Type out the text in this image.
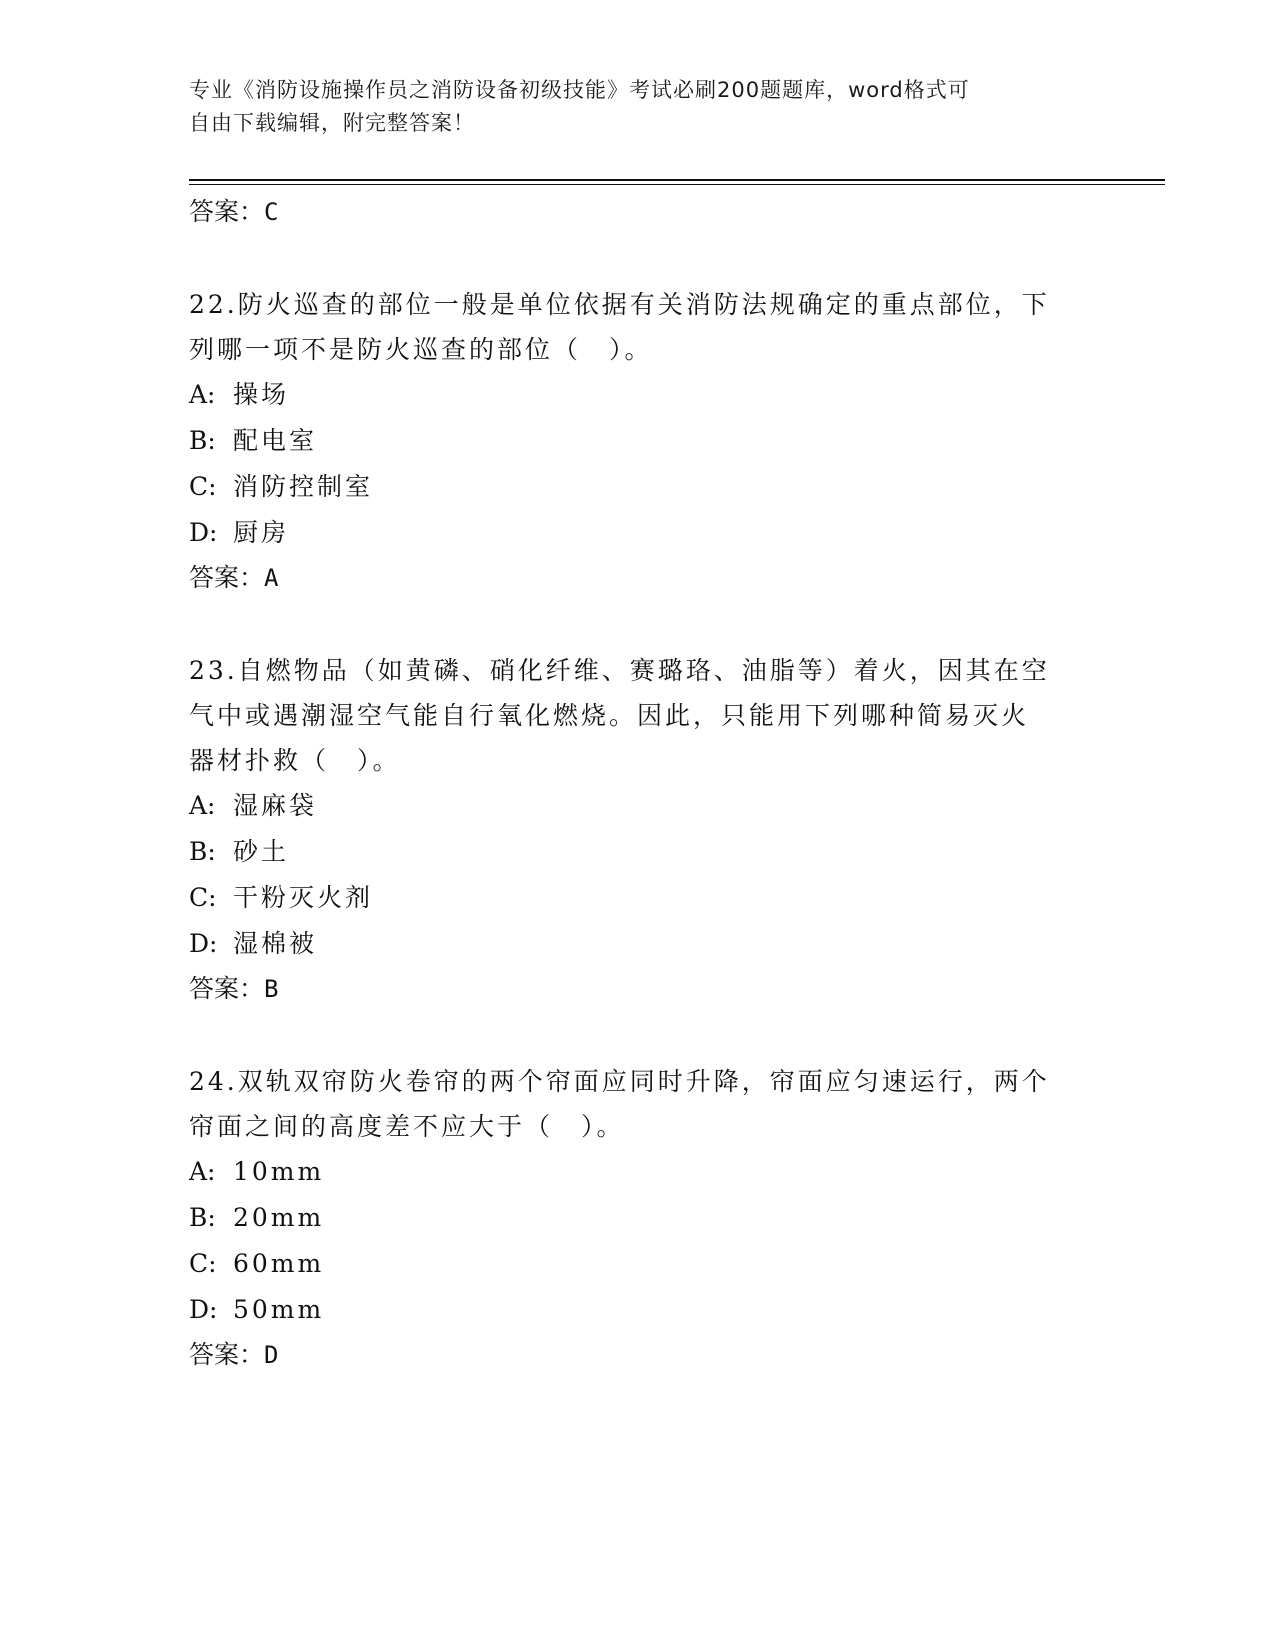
专业《消防设施操作员之消防设备初级技能》考试必刷200题题库，word格式可
自由下载编辑，附完整答案！
答案：C
22.防火巡查的部位一般是单位依据有关消防法规确定的重点部位，下
列哪一项不是防火巡查的部位（　）。
A: 操场
B: 配电室
C: 消防控制室
D: 厨房
答案：A
23.自燃物品（如黄磷、硝化纤维、赛璐珞、油脂等）着火，因其在空
气中或遇潮湿空气能自行氧化燃烧。因此，只能用下列哪种简易灭火
器材扑救（　）。
A: 湿麻袋
B: 砂土
C: 干粉灭火剂
D: 湿棉被
答案：B
24.双轨双帘防火卷帘的两个帘面应同时升降，帘面应匀速运行，两个
帘面之间的高度差不应大于（　）。
A: 10mm
B: 20mm
C: 60mm
D: 50mm
答案：D
